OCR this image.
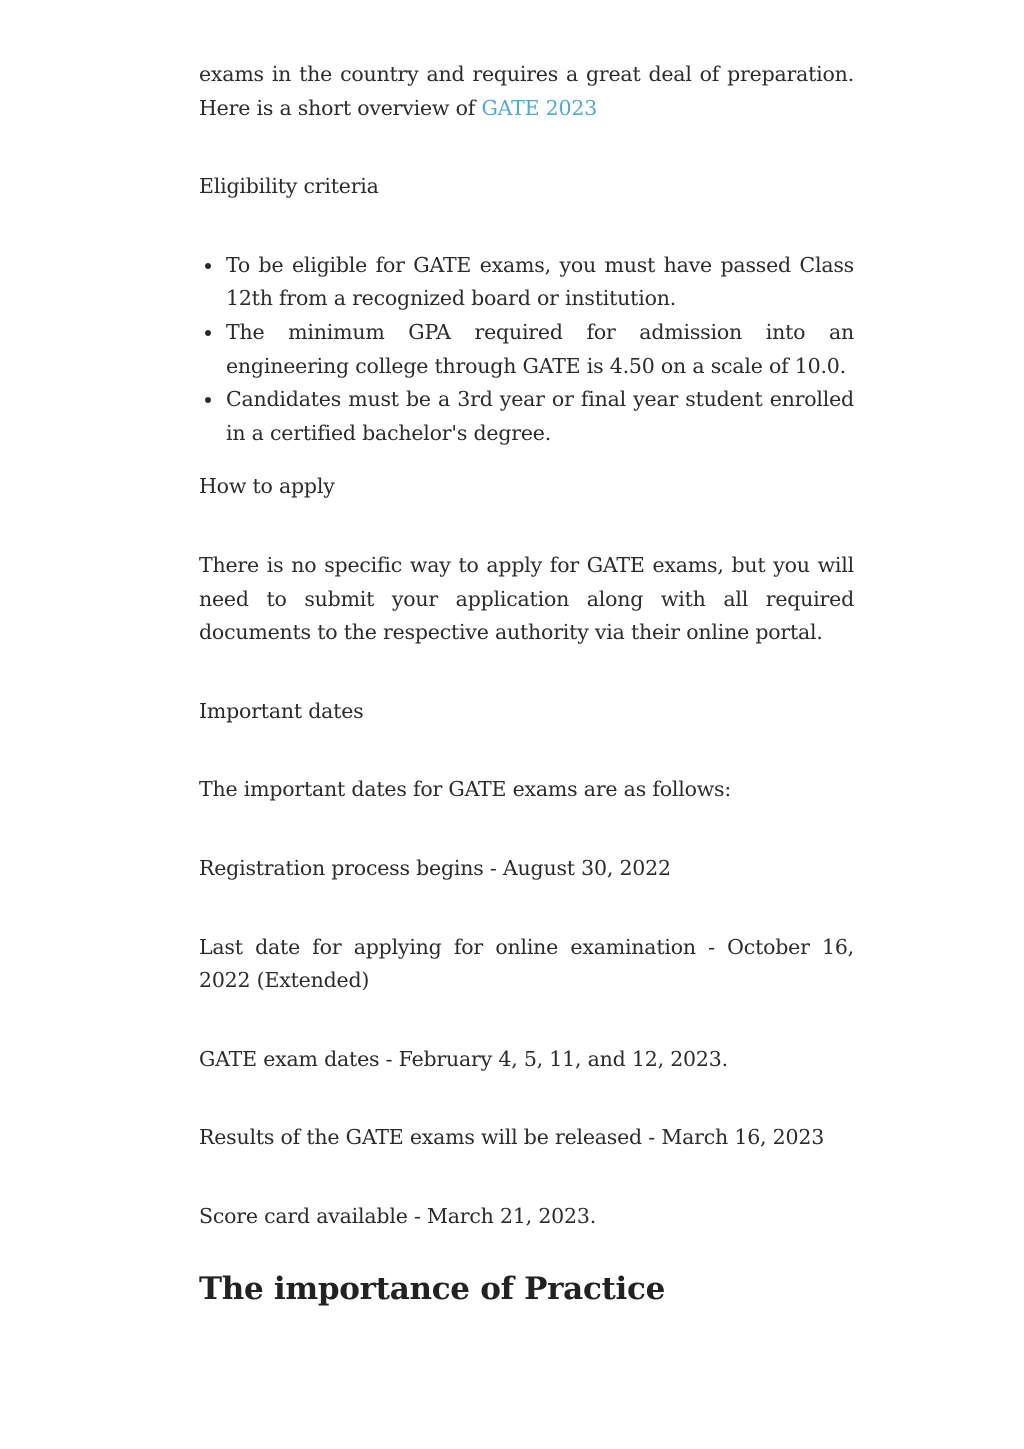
exams in the country and requires a great deal of preparation. Here is a short overview of GATE 2023

Eligibility criteria

To be eligible for GATE exams, you must have passed Class 12th from a recognized board or institution.
The minimum GPA required for admission into an engineering college through GATE is 4.50 on a scale of 10.0.
Candidates must be a 3rd year or final year student enrolled in a certified bachelor's degree.

How to apply

There is no specific way to apply for GATE exams, but you will need to submit your application along with all required documents to the respective authority via their online portal.

Important dates

The important dates for GATE exams are as follows:

Registration process begins - August 30, 2022

Last date for applying for online examination - October 16, 2022 (Extended)

GATE exam dates - February 4, 5, 11, and 12, 2023.

Results of the GATE exams will be released - March 16, 2023

Score card available - March 21, 2023.

The importance of Practice
